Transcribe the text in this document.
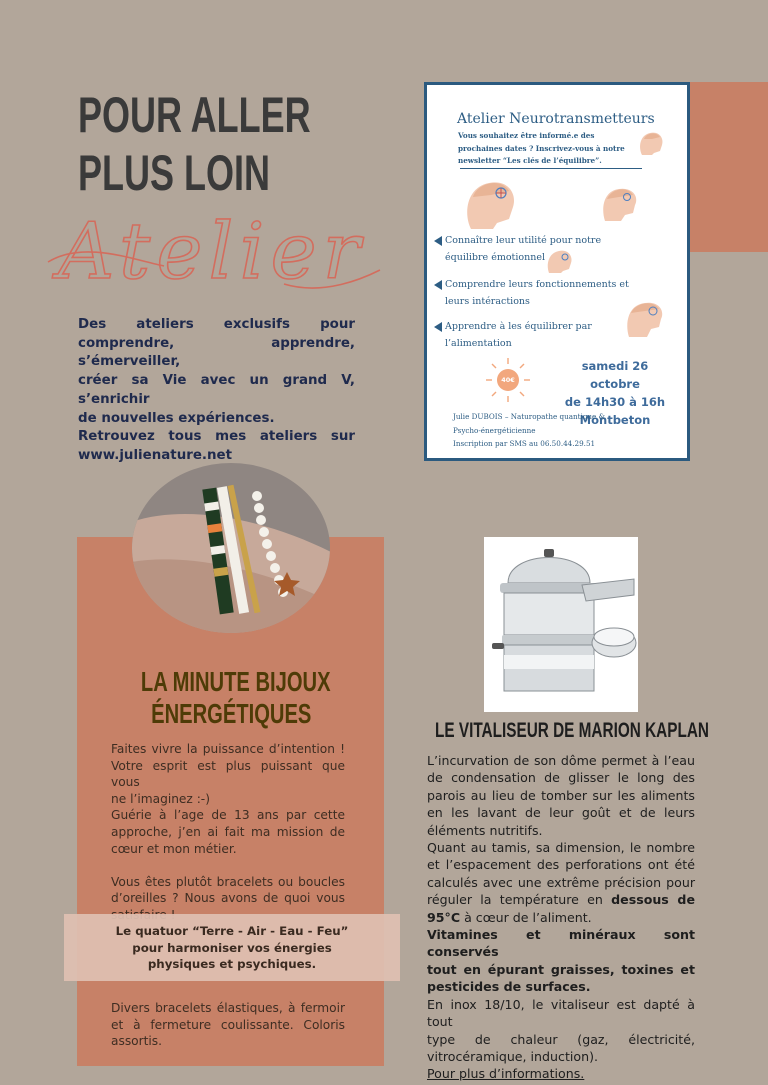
POUR ALLER
PLUS LOIN
Atelier
Des ateliers exclusifs pour
comprendre, apprendre, s’émerveiller,
créer sa Vie avec un grand V, s’enrichir
de nouvelles expériences.
Retrouvez tous mes ateliers sur
www.julienature.net
Atelier Neurotransmetteurs
Vous souhaitez être informé.e des prochaines dates ? Inscrivez-vous à notre newsletter “Les clés de l’équilibre”.
Connaître leur utilité pour notre équilibre émotionnel
Comprendre leurs fonctionnements et leurs intéractions
Apprendre à les équilibrer par l’alimentation
40€
samedi 26 octobre
de 14h30 à 16h
Montbeton
Julie DUBOIS – Naturopathe quantique &
Psycho-énergéticienne
Inscription par SMS au 06.50.44.29.51
LA MINUTE BIJOUX
ÉNERGÉTIQUES
Faites vivre la puissance d’intention !
Votre esprit est plus puissant que vous
ne l’imaginez :-)
Guérie à l’age de 13 ans par cette
approche, j’en ai fait ma mission de
cœur et mon métier.
Vous êtes plutôt bracelets ou boucles
d’oreilles ? Nous avons de quoi vous
Le quatuor “Terre - Air - Eau - Feu”
pour harmoniser vos énergies
physiques et psychiques.
Divers bracelets élastiques, à fermoir
et à fermeture coulissante. Coloris
assortis.
LE VITALISEUR DE MARION KAPLAN
L’incurvation de son dôme permet à l’eau
de condensation de glisser le long des
parois au lieu de tomber sur les aliments
en les lavant de leur goût et de leurs
éléments nutritifs.
Quant au tamis, sa dimension, le nombre
et l’espacement des perforations ont été
calculés avec une extrême précision pour
réguler la température en dessous de
95°C à cœur de l’aliment.
Vitamines et minéraux sont conservés
tout en épurant graisses, toxines et
pesticides de surfaces.
En inox 18/10, le vitaliseur est dapté à tout
type de chaleur (gaz, électricité,
vitrocéramique, induction).
Pour plus d’informations.
